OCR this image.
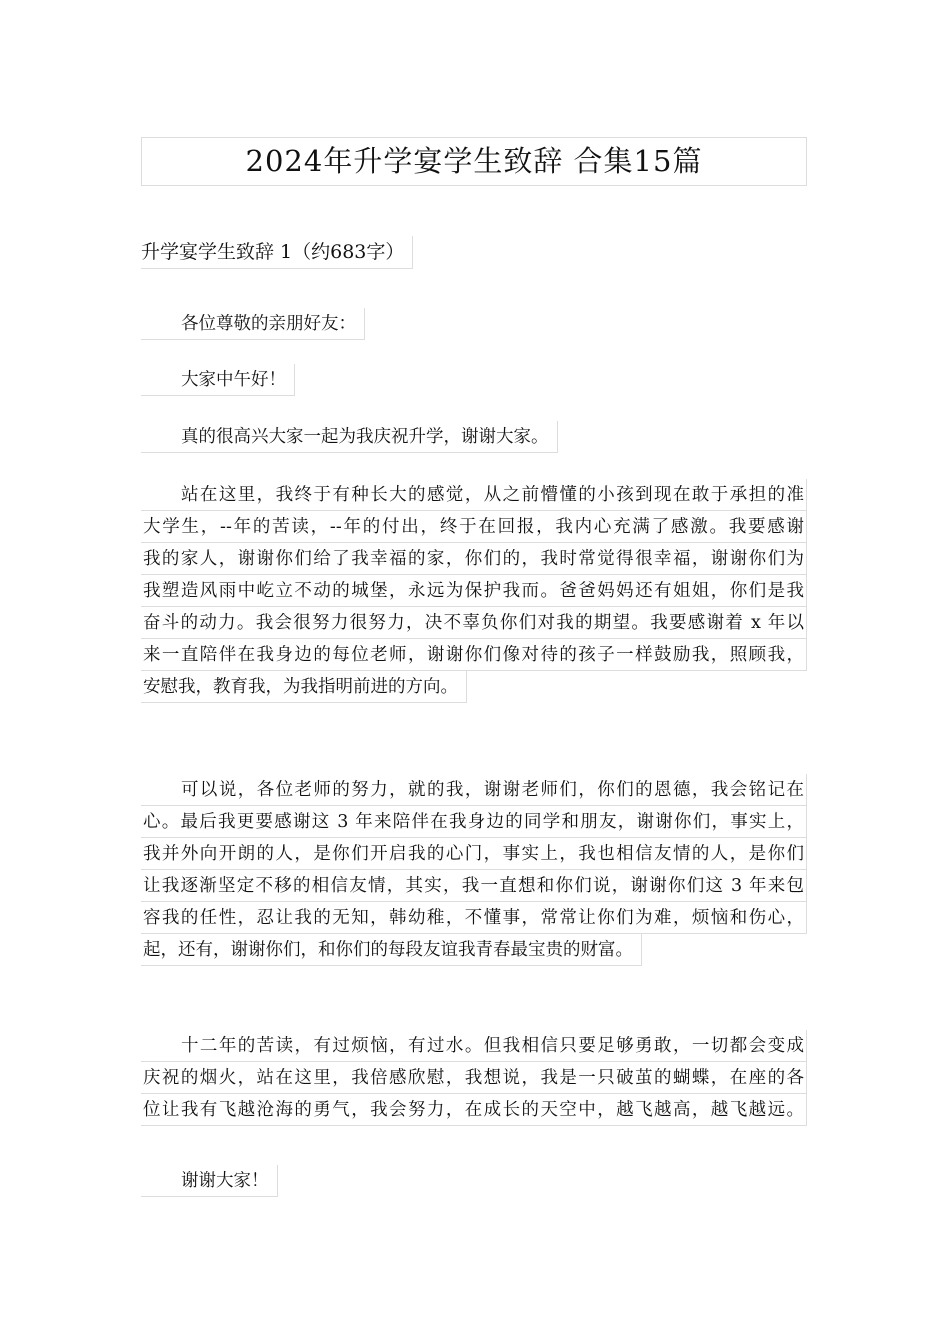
2024年升学宴学生致辞 合集15篇
升学宴学生致辞 1（约683字）
各位尊敬的亲朋好友：
大家中午好！
真的很高兴大家一起为我庆祝升学，谢谢大家。
站在这里，我终于有种长大的感觉，从之前懵懂的小孩到现在敢于承担的准
大学生，--年的苦读，--年的付出，终于在回报，我内心充满了感激。我要感谢
我的家人，谢谢你们给了我幸福的家，你们的，我时常觉得很幸福，谢谢你们为
我塑造风雨中屹立不动的城堡，永远为保护我而。爸爸妈妈还有姐姐，你们是我
奋斗的动力。我会很努力很努力，决不辜负你们对我的期望。我要感谢着 x 年以
来一直陪伴在我身边的每位老师，谢谢你们像对待的孩子一样鼓励我，照顾我，
安慰我，教育我，为我指明前进的方向。
可以说，各位老师的努力，就的我，谢谢老师们，你们的恩德，我会铭记在
心。最后我更要感谢这 3 年来陪伴在我身边的同学和朋友，谢谢你们，事实上，
我并外向开朗的人，是你们开启我的心门，事实上，我也相信友情的人，是你们
让我逐渐坚定不移的相信友情，其实，我一直想和你们说，谢谢你们这 3 年来包
容我的任性，忍让我的无知，韩幼稚，不懂事，常常让你们为难，烦恼和伤心，
起，还有，谢谢你们，和你们的每段友谊我青春最宝贵的财富。
十二年的苦读，有过烦恼，有过水。但我相信只要足够勇敢，一切都会变成
庆祝的烟火，站在这里，我倍感欣慰，我想说，我是一只破茧的蝴蝶，在座的各
位让我有飞越沧海的勇气，我会努力，在成长的天空中，越飞越高，越飞越远。
谢谢大家！
